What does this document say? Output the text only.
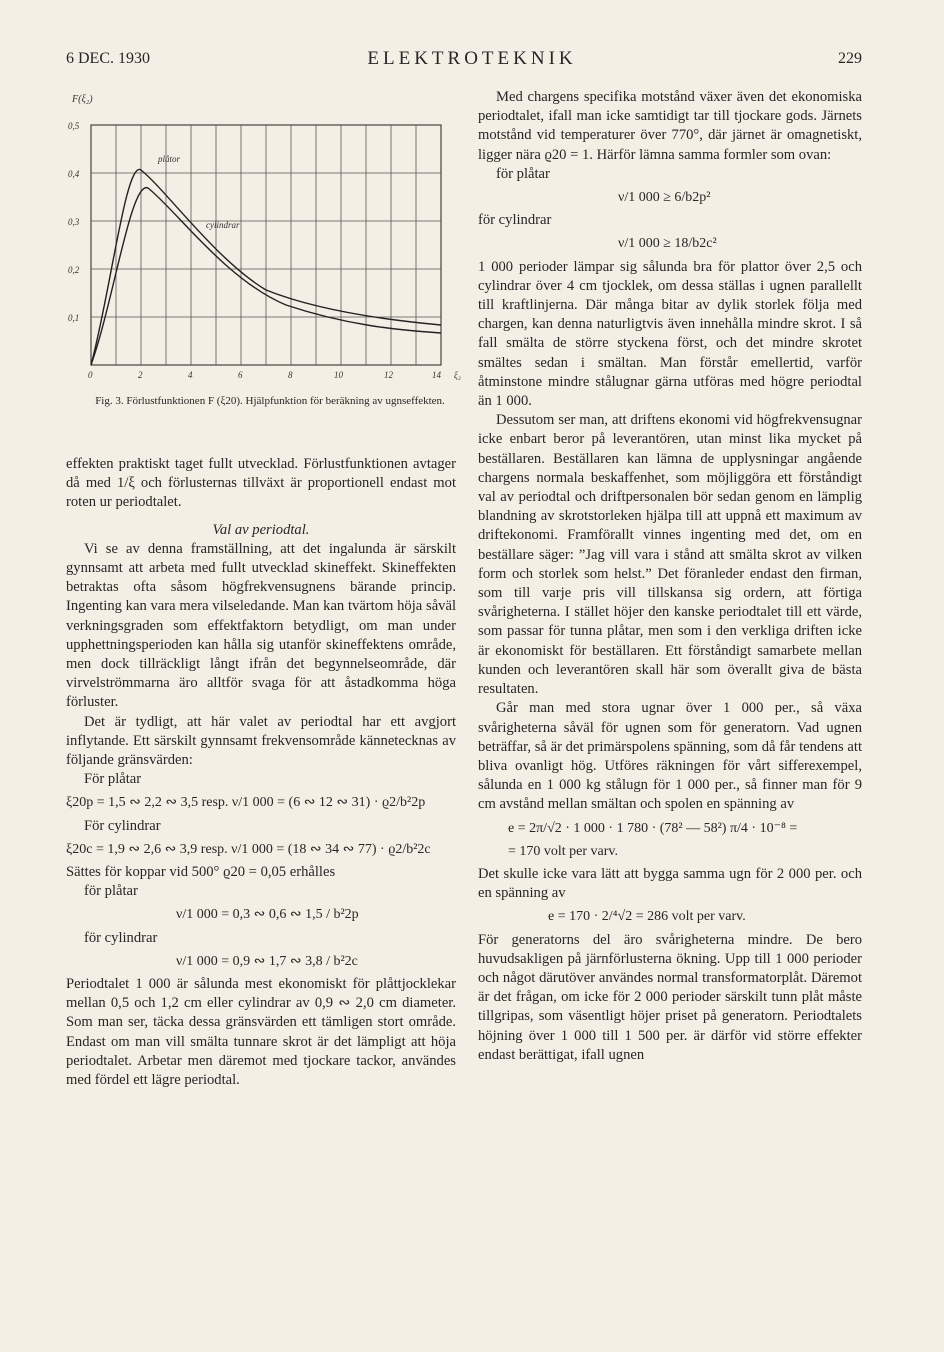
6 DEC. 1930	ELEKTROTEKNIK	229
F(ξ₂)
0,5
0,4
0,3
0,2
0,1
0	2	4	6	8	10	12	14 ξ₂
plåtor
cylindrar
Fig. 3. Förlustfunktionen F (ξ20). Hjälpfunktion för beräkning av ugnseffekten.

effekten praktiskt taget fullt utvecklad. Förlustfunktionen avtager då med 1/ξ och förlusternas tillväxt är proportionell endast mot roten ur periodtalet.

Val av periodtal.

Vi se av denna framställning, att det ingalunda är särskilt gynnsamt att arbeta med fullt utvecklad skineffekt. Skineffekten betraktas ofta såsom högfrekvensugnens bärande princip. Ingenting kan vara mera vilseledande. Man kan tvärtom höja såväl verkningsgraden som effektfaktorn betydligt, om man under upphettningsperioden kan hålla sig utanför skineffektens område, men dock tillräckligt långt ifrån det begynnelseområde, där virvelströmmarna äro alltför svaga för att åstadkomma höga förluster.

Det är tydligt, att här valet av periodtal har ett avgjort inflytande. Ett särskilt gynnsamt frekvensområde kännetecknas av följande gränsvärden:

För plåtar

ξ20p = 1,5 ∾ 2,2 ∾ 3,5 resp. ν/1 000 = (6 ∾ 12 ∾ 31) · ϱ2/b²2p

För cylindrar

ξ20c = 1,9 ∾ 2,6 ∾ 3,9 resp. ν/1 000 = (18 ∾ 34 ∾ 77) · ϱ2/b²2c

Sättes för koppar vid 500° ϱ20 = 0,05 erhålles

för plåtar

ν/1 000 = 0,3 ∾ 0,6 ∾ 1,5 / b²2p

för cylindrar

ν/1 000 = 0,9 ∾ 1,7 ∾ 3,8 / b²2c

Periodtalet 1 000 är sålunda mest ekonomiskt för plåttjocklekar mellan 0,5 och 1,2 cm eller cylindrar av 0,9 ∾ 2,0 cm diameter. Som man ser, täcka dessa gränsvärden ett tämligen stort område. Endast om man vill smälta tunnare skrot är det lämpligt att höja periodtalet. Arbetar men däremot med tjockare tackor, användes med fördel ett lägre periodtal.

Med chargens specifika motstånd växer även det ekonomiska periodtalet, ifall man icke samtidigt tar till tjockare gods. Järnets motstånd vid temperaturer över 770°, där järnet är omagnetiskt, ligger nära ϱ20 = 1. Härför lämna samma formler som ovan:

för plåtar

ν/1 000 ≥ 6/b2p²

för cylindrar

ν/1 000 ≥ 18/b2c²

1 000 perioder lämpar sig sålunda bra för plattor över 2,5 och cylindrar över 4 cm tjocklek, om dessa ställas i ugnen parallellt till kraftlinjerna. Där många bitar av dylik storlek följa med chargen, kan denna naturligtvis även innehålla mindre skrot. I så fall smälta de större styckena först, och det mindre skrotet smältes sedan i smältan. Man förstår emellertid, varför åtminstone mindre stålugnar gärna utföras med högre periodtal än 1 000.

Dessutom ser man, att driftens ekonomi vid högfrekvensugnar icke enbart beror på leverantören, utan minst lika mycket på beställaren. Beställaren kan lämna de upplysningar angående chargens normala beskaffenhet, som möjliggöra ett förståndigt val av periodtal och driftpersonalen bör sedan genom en lämplig blandning av skrotstorleken hjälpa till att uppnå ett maximum av driftekonomi. Framförallt vinnes ingenting med det, om en beställare säger: ”Jag vill vara i stånd att smälta skrot av vilken form och storlek som helst.” Det föranleder endast den firman, som till varje pris vill tillskansa sig ordern, att förtiga svårigheterna. I stället höjer den kanske periodtalet till ett värde, som passar för tunna plåtar, men som i den verkliga driften icke är ekonomiskt för beställaren. Ett förståndigt samarbete mellan kunden och leverantören skall här som överallt giva de bästa resultaten.

Går man med stora ugnar över 1 000 per., så växa svårigheterna såväl för ugnen som för generatorn. Vad ugnen beträffar, så är det primärspolens spänning, som då får tendens att bliva ovanligt hög. Utföres räkningen för vårt sifferexempel, sålunda en 1 000 kg stålugn för 1 000 per., så finner man för 9 cm avstånd mellan smältan och spolen en spänning av

e = 2π/√2 · 1 000 · 1 780 · (78² — 58²) π/4 · 10⁻⁸ =
= 170 volt per varv.

Det skulle icke vara lätt att bygga samma ugn för 2 000 per. och en spänning av

e = 170 · 2/⁴√2 = 286 volt per varv.

För generatorns del äro svårigheterna mindre. De bero huvudsakligen på järnförlusterna ökning. Upp till 1 000 perioder och något därutöver användes normal transformatorplåt. Däremot är det frågan, om icke för 2 000 perioder särskilt tunn plåt måste tillgripas, som väsentligt höjer priset på generatorn. Periodtalets höjning över 1 000 till 1 500 per. är därför vid större effekter endast berättigat, ifall ugnen
